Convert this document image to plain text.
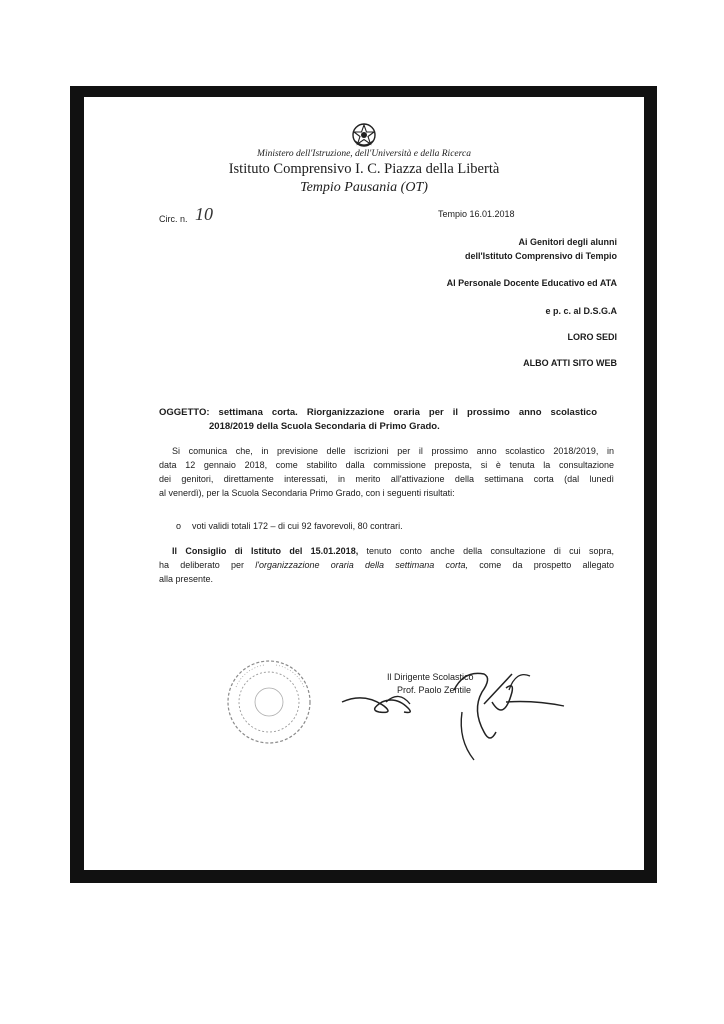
Ministero dell'Istruzione, dell'Università e della Ricerca
Istituto Comprensivo I. C. Piazza della Libertà
Tempio Pausania (OT)
Circ. n. 10	Tempio 16.01.2018
Ai Genitori degli alunni
dell'Istituto Comprensivo di Tempio
Al Personale Docente Educativo ed ATA
e p. c. al D.S.G.A
LORO SEDI
ALBO ATTI SITO WEB
OGGETTO: settimana corta. Riorganizzazione oraria per il prossimo anno scolastico
2018/2019 della Scuola Secondaria di Primo Grado.
Si comunica che, in previsione delle iscrizioni per il prossimo anno scolastico 2018/2019, in
data 12 gennaio 2018, come stabilito dalla commissione preposta, si è tenuta la consultazione
dei genitori, direttamente interessati, in merito all'attivazione della settimana corta (dal lunedì
al venerdì), per la Scuola Secondaria Primo Grado, con i seguenti risultati:
o voti validi totali 172 – di cui 92 favorevoli, 80 contrari.
Il Consiglio di Istituto del 15.01.2018, tenuto conto anche della consultazione di cui sopra,
ha deliberato per l'organizzazione oraria della settimana corta, come da prospetto allegato
alla presente.
Il Dirigente Scolastico
Prof. Paolo Zentile
